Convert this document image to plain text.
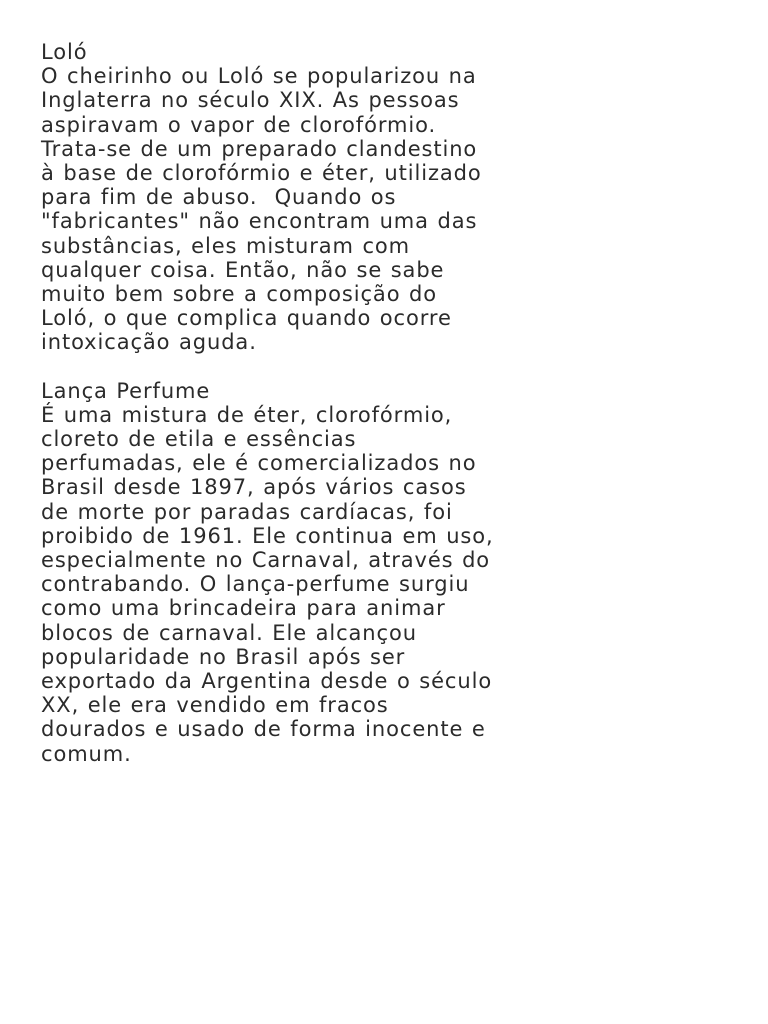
Loló
O cheirinho ou Loló se popularizou na
Inglaterra no século XIX. As pessoas
aspiravam o vapor de clorofórmio.
Trata-se de um preparado clandestino
à base de clorofórmio e éter, utilizado
para fim de abuso.  Quando os
"fabricantes" não encontram uma das
substâncias, eles misturam com
qualquer coisa. Então, não se sabe
muito bem sobre a composição do
Loló, o que complica quando ocorre
intoxicação aguda.
Lança Perfume
É uma mistura de éter, clorofórmio,
cloreto de etila e essências
perfumadas, ele é comercializados no
Brasil desde 1897, após vários casos
de morte por paradas cardíacas, foi
proibido de 1961. Ele continua em uso,
especialmente no Carnaval, através do
contrabando. O lança-perfume surgiu
como uma brincadeira para animar
blocos de carnaval. Ele alcançou
popularidade no Brasil após ser
exportado da Argentina desde o século
XX, ele era vendido em fracos
dourados e usado de forma inocente e
comum.
